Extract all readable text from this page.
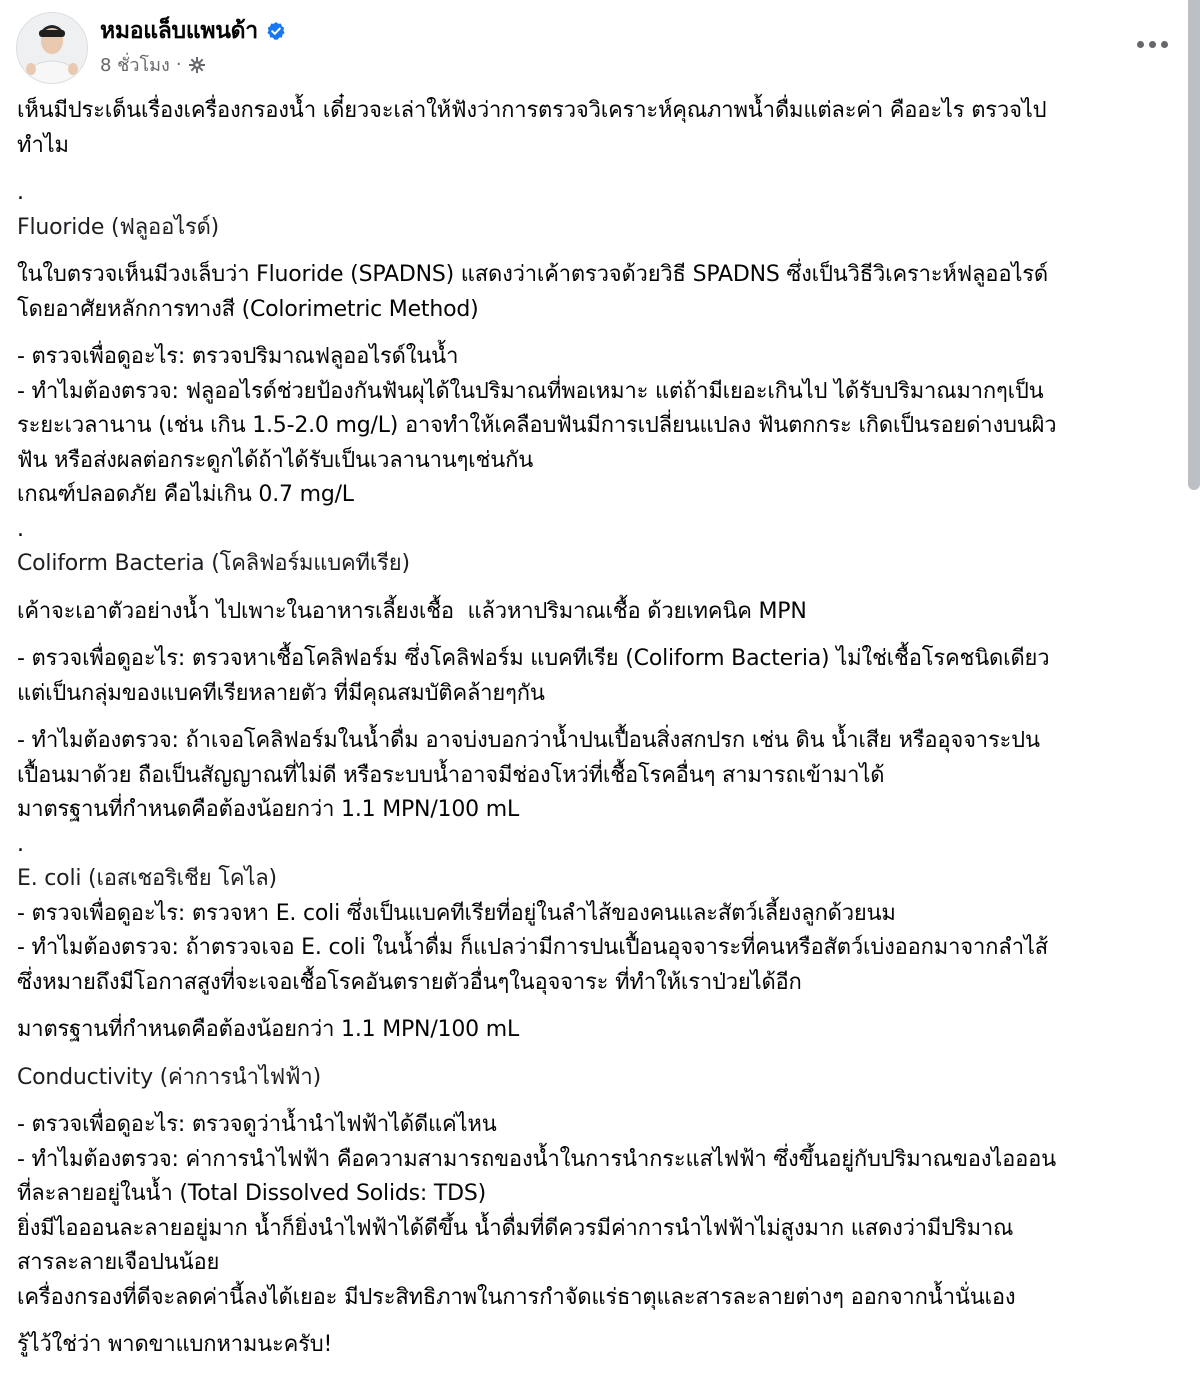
หมอแล็บแพนด้า
8 ชั่วโมง ·

เห็นมีประเด็นเรื่องเครื่องกรองน้ำ เดี๋ยวจะเล่าให้ฟังว่าการตรวจวิเคราะห์คุณภาพน้ำดื่มแต่ละค่า คืออะไร ตรวจไป

ทำไม

.

Fluoride (ฟลูออไรด์)

ในใบตรวจเห็นมีวงเล็บว่า Fluoride (SPADNS) แสดงว่าเค้าตรวจด้วยวิธี SPADNS ซึ่งเป็นวิธีวิเคราะห์ฟลูออไรด์

โดยอาศัยหลักการทางสี (Colorimetric Method)

- ตรวจเพื่อดูอะไร: ตรวจปริมาณฟลูออไรด์ในน้ำ

- ทำไมต้องตรวจ: ฟลูออไรด์ช่วยป้องกันฟันผุได้ในปริมาณที่พอเหมาะ แต่ถ้ามีเยอะเกินไป ได้รับปริมาณมากๆเป็น

ระยะเวลานาน (เช่น เกิน 1.5-2.0 mg/L) อาจทำให้เคลือบฟันมีการเปลี่ยนแปลง ฟันตกกระ เกิดเป็นรอยด่างบนผิว

ฟัน หรือส่งผลต่อกระดูกได้ถ้าได้รับเป็นเวลานานๆเช่นกัน

เกณฑ์ปลอดภัย คือไม่เกิน 0.7 mg/L

.

Coliform Bacteria (โคลิฟอร์มแบคทีเรีย)

เค้าจะเอาตัวอย่างน้ำ ไปเพาะในอาหารเลี้ยงเชื้อ  แล้วหาปริมาณเชื้อ ด้วยเทคนิค MPN

- ตรวจเพื่อดูอะไร: ตรวจหาเชื้อโคลิฟอร์ม ซึ่งโคลิฟอร์ม แบคทีเรีย (Coliform Bacteria) ไม่ใช่เชื้อโรคชนิดเดียว

แต่เป็นกลุ่มของแบคทีเรียหลายตัว ที่มีคุณสมบัติคล้ายๆกัน

- ทำไมต้องตรวจ: ถ้าเจอโคลิฟอร์มในน้ำดื่ม อาจบ่งบอกว่าน้ำปนเปื้อนสิ่งสกปรก เช่น ดิน น้ำเสีย หรืออุจจาระปน

เปื้อนมาด้วย ถือเป็นสัญญาณที่ไม่ดี หรือระบบน้ำอาจมีช่องโหว่ที่เชื้อโรคอื่นๆ สามารถเข้ามาได้

มาตรฐานที่กำหนดคือต้องน้อยกว่า 1.1 MPN/100 mL

.

E. coli (เอสเชอริเชีย โคไล)

- ตรวจเพื่อดูอะไร: ตรวจหา E. coli ซึ่งเป็นแบคทีเรียที่อยู่ในลำไส้ของคนและสัตว์เลี้ยงลูกด้วยนม

- ทำไมต้องตรวจ: ถ้าตรวจเจอ E. coli ในน้ำดื่ม ก็แปลว่ามีการปนเปื้อนอุจจาระที่คนหรือสัตว์เบ่งออกมาจากลำไส้

ซึ่งหมายถึงมีโอกาสสูงที่จะเจอเชื้อโรคอันตรายตัวอื่นๆในอุจจาระ ที่ทำให้เราป่วยได้อีก

มาตรฐานที่กำหนดคือต้องน้อยกว่า 1.1 MPN/100 mL

Conductivity (ค่าการนำไฟฟ้า)

- ตรวจเพื่อดูอะไร: ตรวจดูว่าน้ำนำไฟฟ้าได้ดีแค่ไหน

- ทำไมต้องตรวจ: ค่าการนำไฟฟ้า คือความสามารถของน้ำในการนำกระแสไฟฟ้า ซึ่งขึ้นอยู่กับปริมาณของไอออน

ที่ละลายอยู่ในน้ำ (Total Dissolved Solids: TDS)

ยิ่งมีไอออนละลายอยู่มาก น้ำก็ยิ่งนำไฟฟ้าได้ดีขึ้น น้ำดื่มที่ดีควรมีค่าการนำไฟฟ้าไม่สูงมาก แสดงว่ามีปริมาณ

สารละลายเจือปนน้อย

เครื่องกรองที่ดีจะลดค่านี้ลงได้เยอะ มีประสิทธิภาพในการกำจัดแร่ธาตุและสารละลายต่างๆ ออกจากน้ำนั่นเอง

รู้ไว้ใช่ว่า พาดขาแบกหามนะครับ!
